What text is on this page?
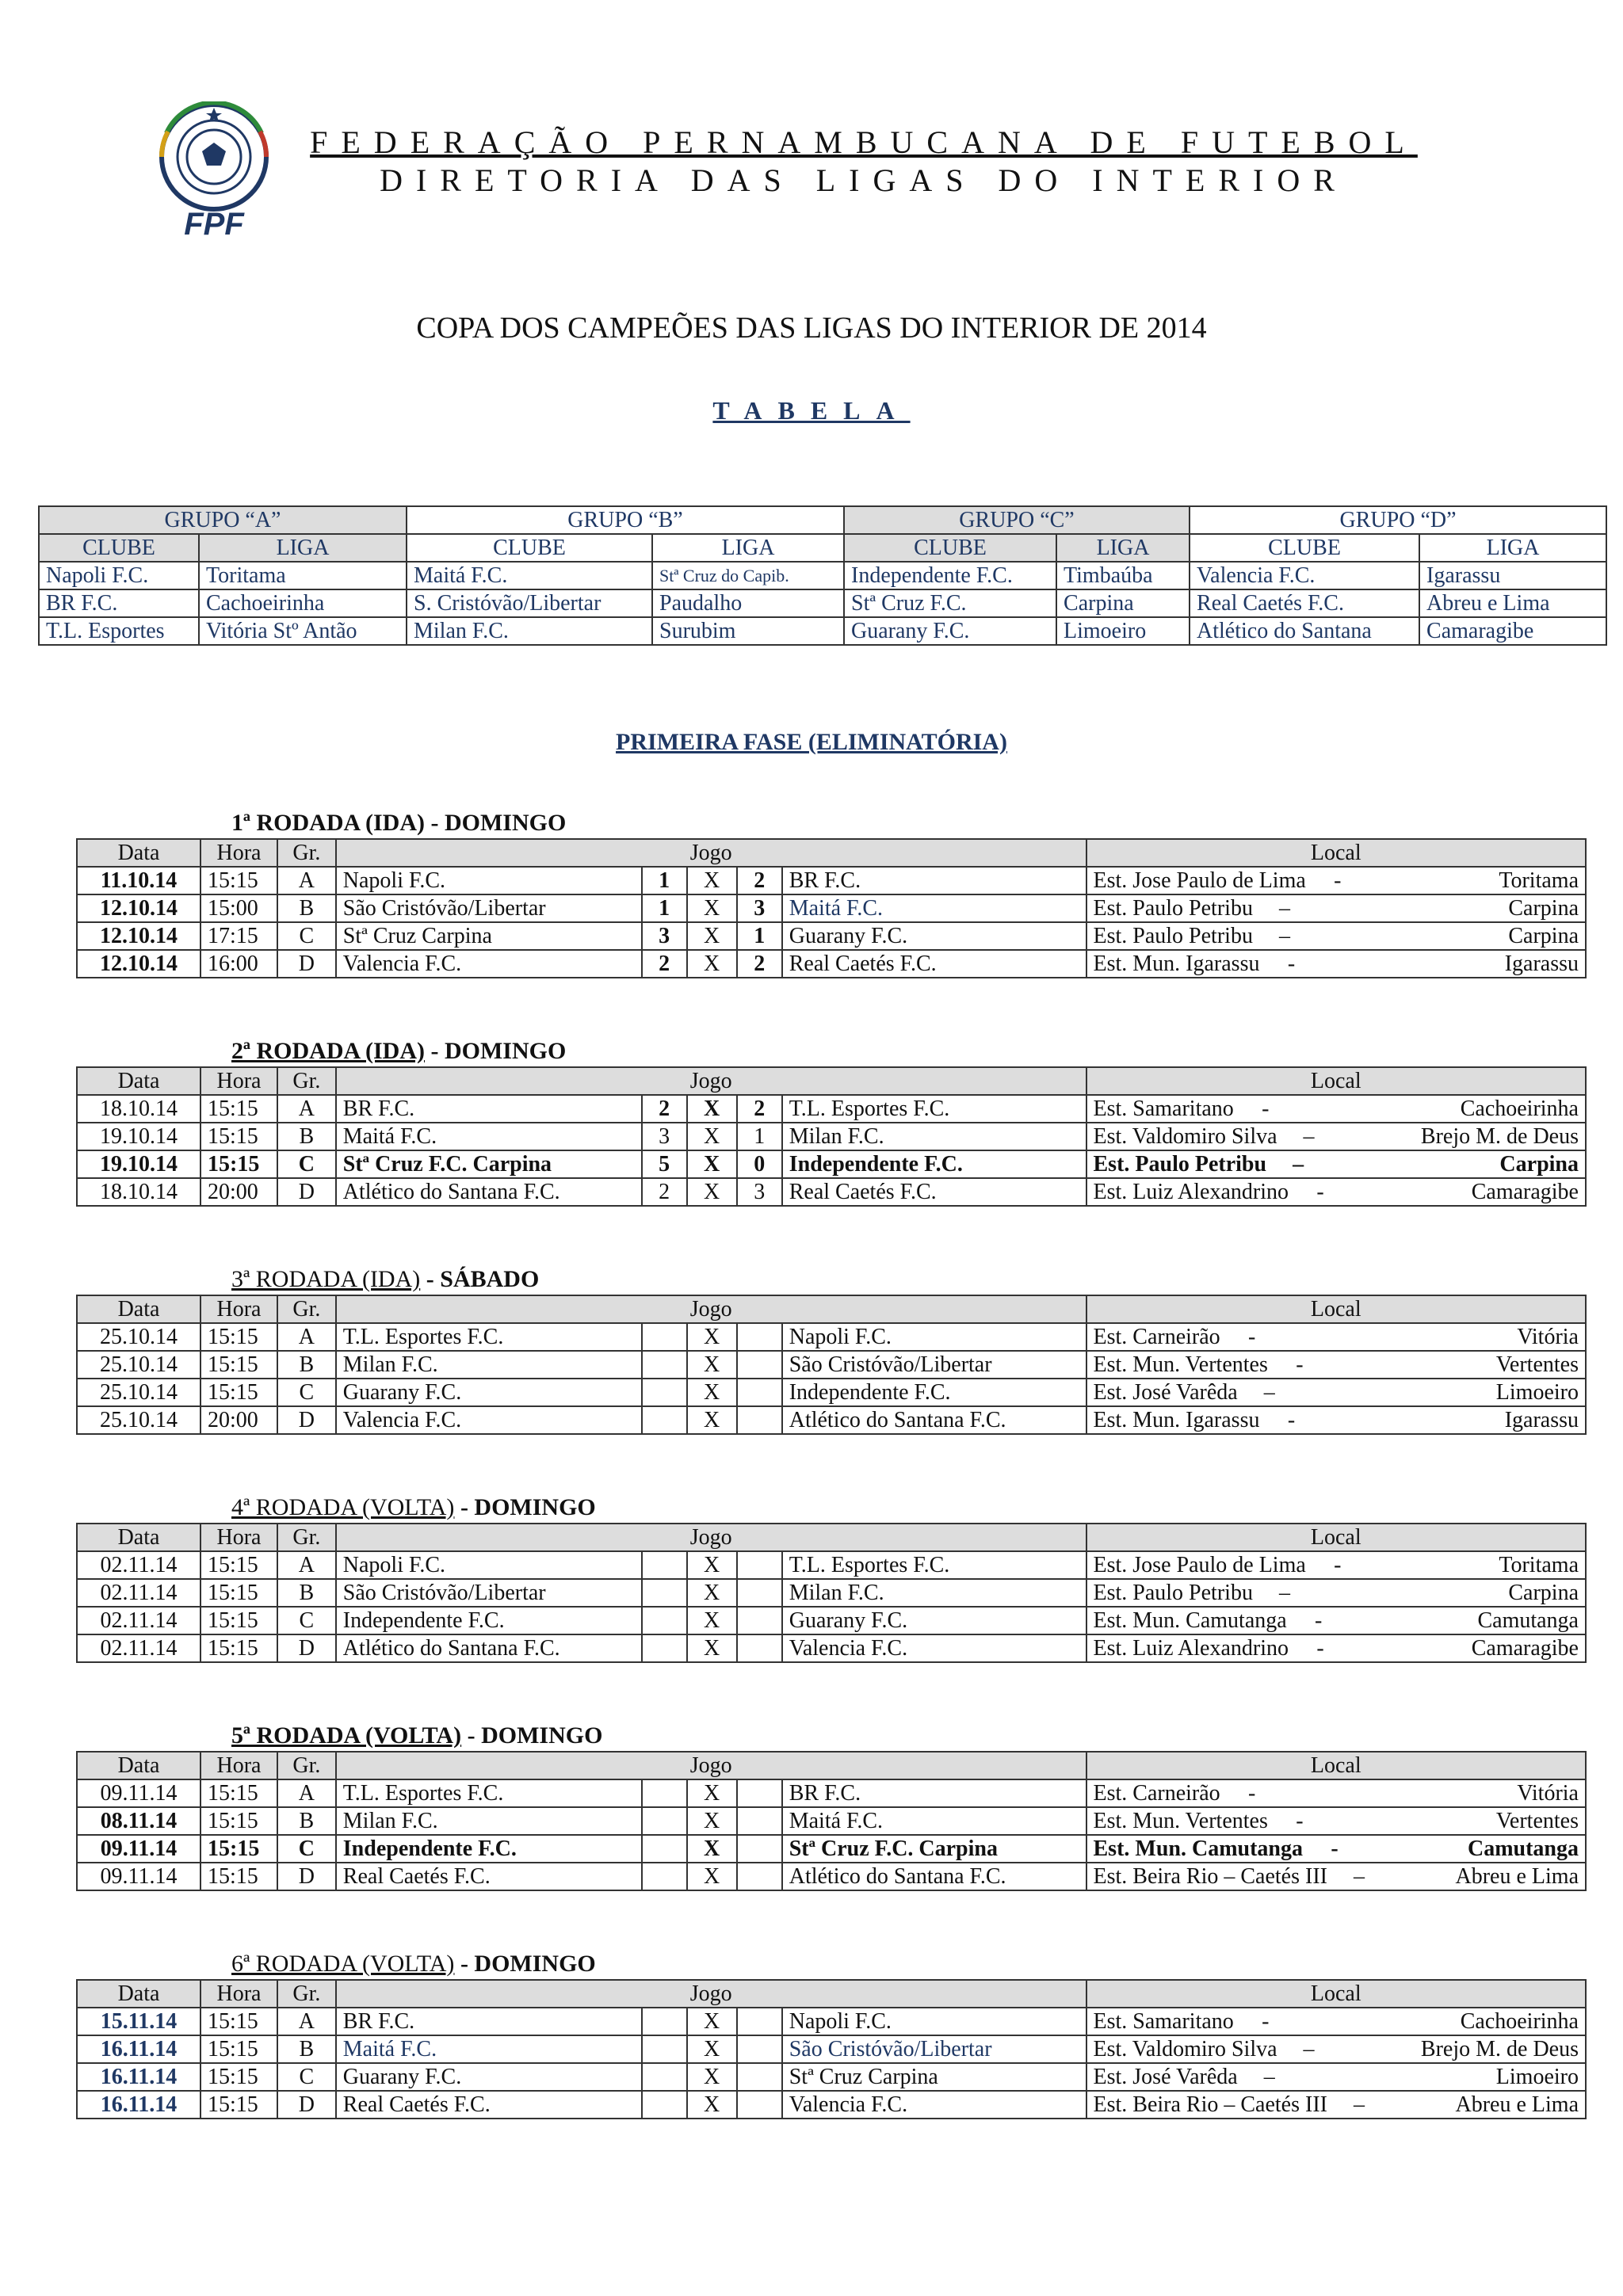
FPF
FEDERAÇÃO PERNAMBUCANA DE FUTEBOL
DIRETORIA DAS LIGAS DO INTERIOR
COPA DOS CAMPEÕES DAS LIGAS DO INTERIOR DE 2014
TABELA
GRUPO “A”		GRUPO “B”		GRUPO “C”		GRUPO “D”	
CLUBE	LIGA	CLUBE	LIGA	CLUBE	LIGA	CLUBE	LIGA
Napoli F.C.	Toritama	Maitá F.C.	Stª Cruz do Capib.	Independente F.C.	Timbaúba	Valencia F.C.	Igarassu
BR F.C.	Cachoeirinha	S. Cristóvão/Libertar	Paudalho	Stª Cruz F.C.	Carpina	Real Caetés F.C.	Abreu e Lima
T.L. Esportes	Vitória Stº Antão	Milan F.C.	Surubim	Guarany F.C.	Limoeiro	Atlético do Santana	Camaragibe
PRIMEIRA FASE (ELIMINATÓRIA)
1ª RODADA (IDA) - DOMINGO
Data	Hora	Gr.	Jogo					Local
11.10.14	15:15	A	Napoli F.C.	1	X	2	BR F.C.	Est. Jose Paulo de Lima - Toritama

12.10.14	15:00	B	São Cristóvão/Libertar	1	X	3	Maitá F.C.	Est. Paulo Petribu – Carpina

12.10.14	17:15	C	Stª Cruz Carpina	3	X	1	Guarany F.C.	Est. Paulo Petribu – Carpina

12.10.14	16:00	D	Valencia F.C.	2	X	2	Real Caetés F.C.	Est. Mun. Igarassu - Igarassu
2ª RODADA (IDA) - DOMINGO
Data	Hora	Gr.	Jogo					Local
18.10.14	15:15	A	BR F.C.	2	X	2	T.L. Esportes F.C.	Est. Samaritano - Cachoeirinha

19.10.14	15:15	B	Maitá F.C.	3	X	1	Milan F.C.	Est. Valdomiro Silva – Brejo M. de Deus

19.10.14	15:15	C	Stª Cruz F.C. Carpina	5	X	0	Independente F.C.	Est. Paulo Petribu – Carpina

18.10.14	20:00	D	Atlético do Santana F.C.	2	X	3	Real Caetés F.C.	Est. Luiz Alexandrino - Camaragibe
3ª RODADA (IDA) - SÁBADO
Data	Hora	Gr.	Jogo					Local
25.10.14	15:15	A	T.L. Esportes F.C.		X		Napoli F.C.	Est. Carneirão - Vitória

25.10.14	15:15	B	Milan F.C.		X		São Cristóvão/Libertar	Est. Mun. Vertentes - Vertentes

25.10.14	15:15	C	Guarany F.C.		X		Independente F.C.	Est. José Varêda – Limoeiro

25.10.14	20:00	D	Valencia F.C.		X		Atlético do Santana F.C.	Est. Mun. Igarassu - Igarassu
4ª RODADA (VOLTA) - DOMINGO
Data	Hora	Gr.	Jogo					Local
02.11.14	15:15	A	Napoli F.C.		X		T.L. Esportes F.C.	Est. Jose Paulo de Lima - Toritama

02.11.14	15:15	B	São Cristóvão/Libertar		X		Milan F.C.	Est. Paulo Petribu – Carpina

02.11.14	15:15	C	Independente F.C.		X		Guarany F.C.	Est. Mun. Camutanga - Camutanga

02.11.14	15:15	D	Atlético do Santana F.C.		X		Valencia F.C.	Est. Luiz Alexandrino - Camaragibe
5ª RODADA (VOLTA) - DOMINGO
Data	Hora	Gr.	Jogo					Local
09.11.14	15:15	A	T.L. Esportes F.C.		X		BR F.C.	Est. Carneirão - Vitória

08.11.14	15:15	B	Milan F.C.		X		Maitá F.C.	Est. Mun. Vertentes - Vertentes

09.11.14	15:15	C	Independente F.C.		X		Stª Cruz F.C. Carpina	Est. Mun. Camutanga - Camutanga

09.11.14	15:15	D	Real Caetés F.C.		X		Atlético do Santana F.C.	Est. Beira Rio – Caetés III – Abreu e Lima
6ª RODADA (VOLTA) - DOMINGO
Data	Hora	Gr.	Jogo					Local
15.11.14	15:15	A	BR F.C.		X		Napoli F.C.	Est. Samaritano - Cachoeirinha

16.11.14	15:15	B	Maitá F.C.		X		São Cristóvão/Libertar	Est. Valdomiro Silva – Brejo M. de Deus

16.11.14	15:15	C	Guarany F.C.		X		Stª Cruz Carpina	Est. José Varêda – Limoeiro

16.11.14	15:15	D	Real Caetés F.C.		X		Valencia F.C.	Est. Beira Rio – Caetés III – Abreu e Lima
